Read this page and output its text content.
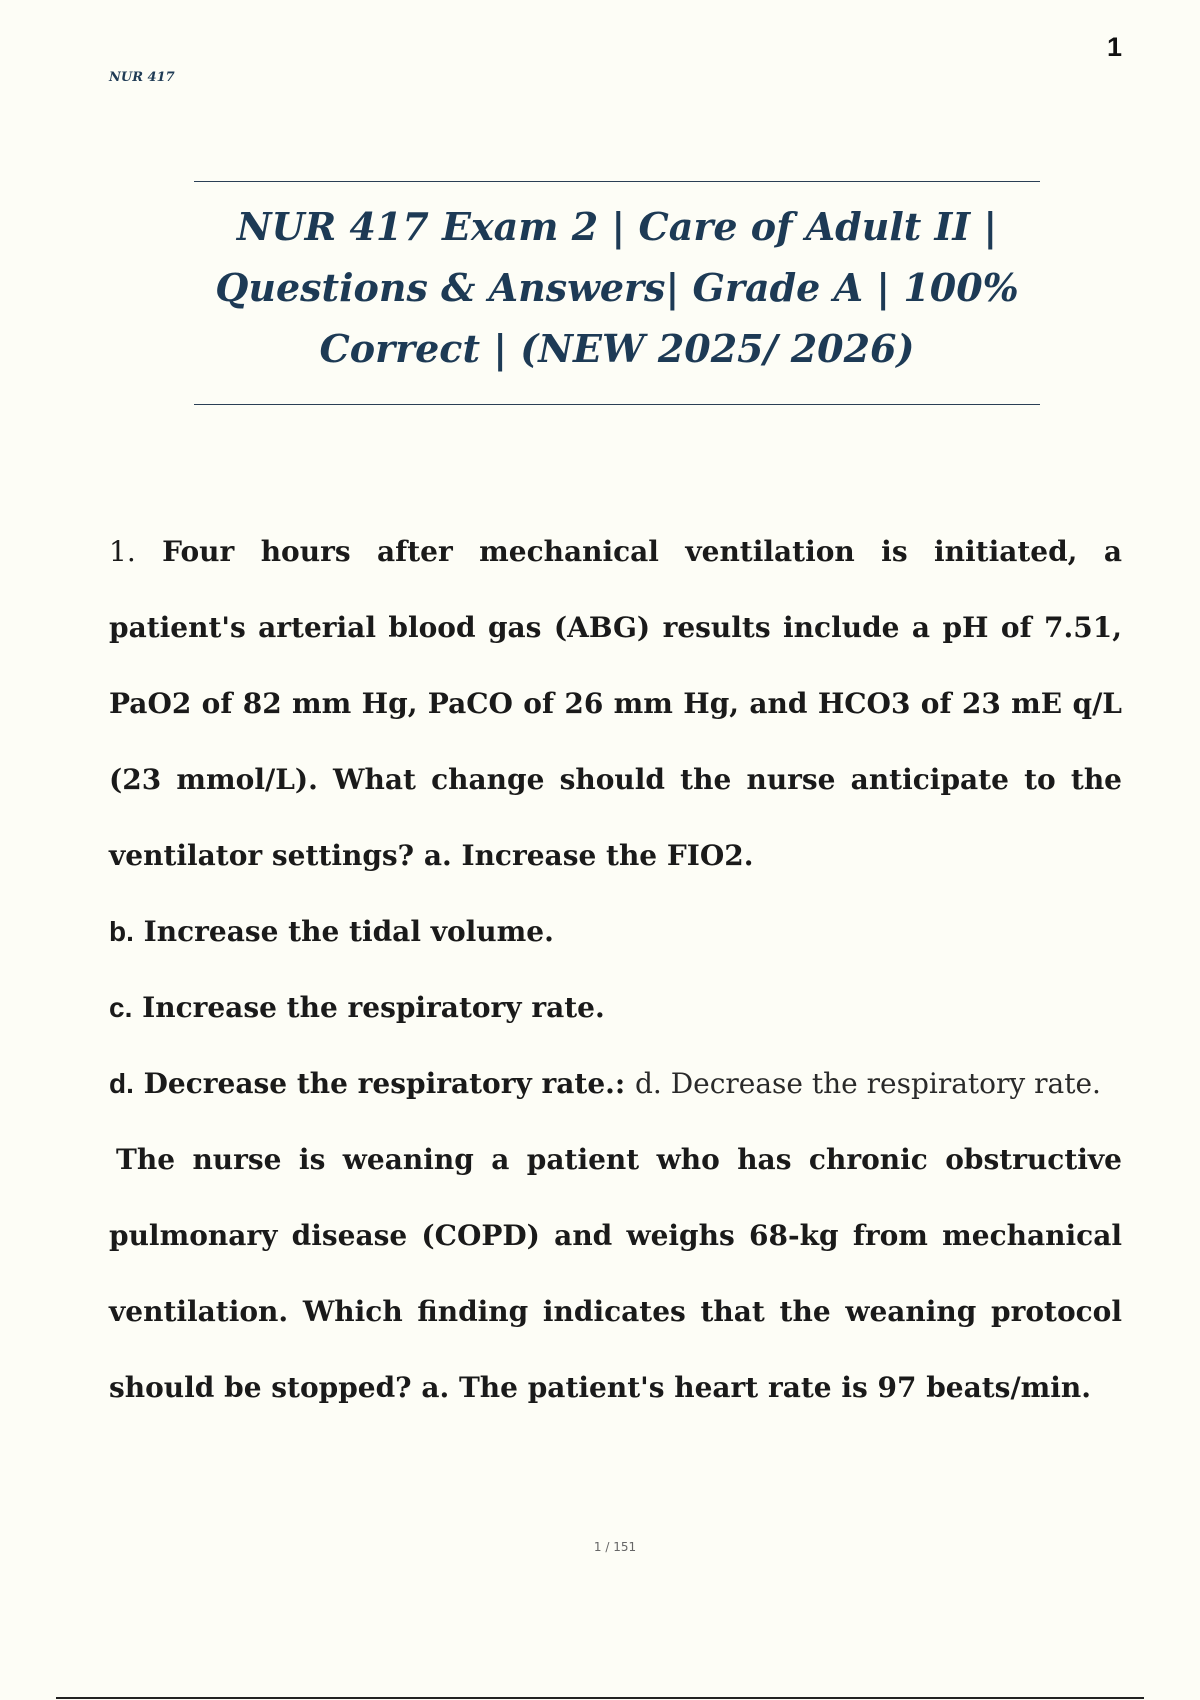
1
NUR 417
NUR 417 Exam 2 | Care of Adult II |
Questions & Answers| Grade A | 100%
Correct | (NEW 2025/ 2026)

1. Four hours after mechanical ventilation is initiated, a patient's arterial blood gas (ABG) results include a pH of 7.51, PaO2 of 82 mm Hg, PaCO of 26 mm Hg, and HCO3 of 23 mE q/L (23 mmol/L). What change should the nurse anticipate to the ventilator settings? a. Increase the FIO2.

b. Increase the tidal volume.

c. Increase the respiratory rate.

d. Decrease the respiratory rate.: d. Decrease the respiratory rate.

The nurse is weaning a patient who has chronic obstructive pulmonary disease (COPD) and weighs 68-kg from mechanical ventilation. Which finding indicates that the weaning protocol should be stopped? a. The patient's heart rate is 97 beats/min.

1 / 151
